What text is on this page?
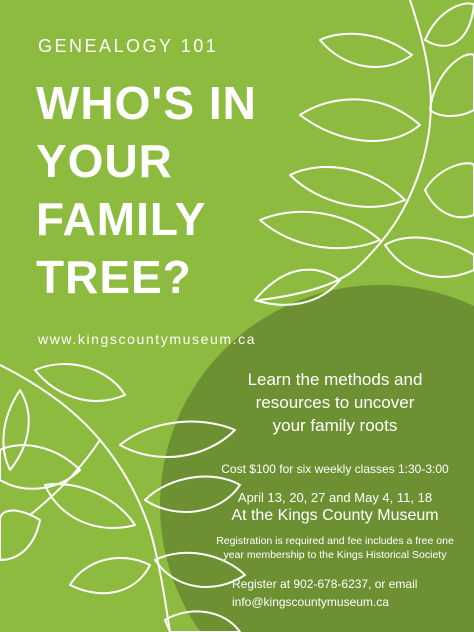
GENEALOGY 101
WHO'S IN
YOUR
FAMILY
TREE?
www.kingscountymuseum.ca
Learn the methods and
resources to uncover
your family roots
Cost $100 for six weekly classes 1:30-3:00
April 13, 20, 27 and May 4, 11, 18
At the Kings County Museum
Registration is required and fee includes a free one
year membership to the Kings Historical Society
Register at 902-678-6237, or email
info@kingscountymuseum.ca
